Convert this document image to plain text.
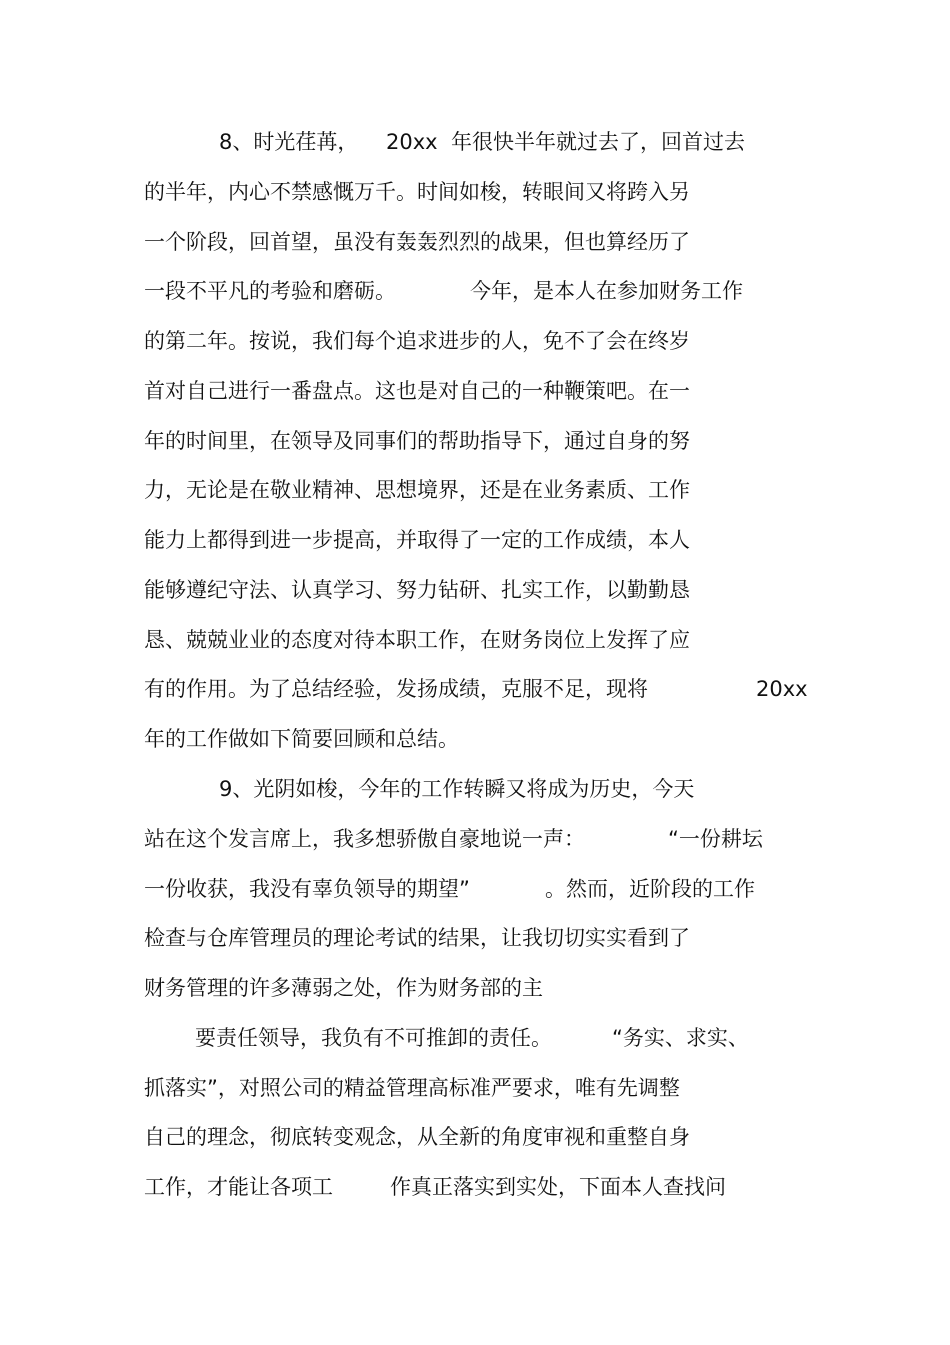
8、时光荏苒，

20xx

年很快半年就过去了，回首过去

的半年，内心不禁感慨万千。时间如梭，转眼间又将跨入另

一个阶段，回首望，虽没有轰轰烈烈的战果，但也算经历了

一段不平凡的考验和磨砺。

	今年，是本人在参加财务工作

的第二年。按说，我们每个追求进步的人，免不了会在终岁

首对自己进行一番盘点。这也是对自己的一种鞭策吧。在一

年的时间里，在领导及同事们的帮助指导下，通过自身的努

力，无论是在敬业精神、思想境界，还是在业务素质、工作

能力上都得到进一步提高，并取得了一定的工作成绩，本人

能够遵纪守法、认真学习、努力钻研、扎实工作，以勤勤恳

恳、兢兢业业的态度对待本职工作，在财务岗位上发挥了应

有的作用。为了总结经验，发扬成绩，克服不足，现将

	20xx

年的工作做如下简要回顾和总结。

9、光阴如梭，今年的工作转瞬又将成为历史，今天

站在这个发言席上，我多想骄傲自豪地说一声：

	“一份耕坛

一份收获，我没有辜负领导的期望”

	。然而，近阶段的工作

检查与仓库管理员的理论考试的结果，让我切切实实看到了

财务管理的许多薄弱之处，作为财务部的主

要责任领导，我负有不可推卸的责任。

	“务实、求实、

抓落实”，对照公司的精益管理高标准严要求，唯有先调整

自己的理念，彻底转变观念，从全新的角度审视和重整自身

工作，才能让各项工

	作真正落实到实处，下面本人查找问
